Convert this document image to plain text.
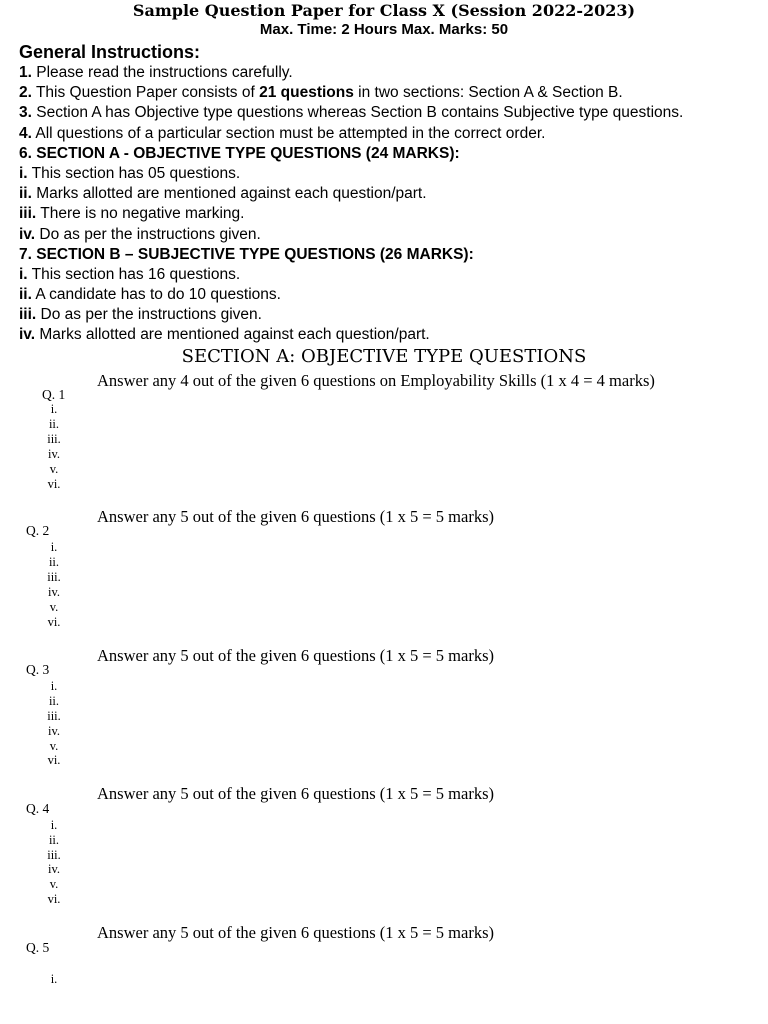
Sample Question Paper for Class X (Session 2022-2023)
Max. Time: 2 Hours Max. Marks: 50
General Instructions:
1. Please read the instructions carefully.
2. This Question Paper consists of 21 questions in two sections: Section A & Section B.
3. Section A has Objective type questions whereas Section B contains Subjective type questions.
4. All questions of a particular section must be attempted in the correct order.
6. SECTION A - OBJECTIVE TYPE QUESTIONS (24 MARKS):
i. This section has 05 questions.
ii. Marks allotted are mentioned against each question/part.
iii. There is no negative marking.
iv. Do as per the instructions given.
7. SECTION B – SUBJECTIVE TYPE QUESTIONS (26 MARKS):
i. This section has 16 questions.
ii. A candidate has to do 10 questions.
iii. Do as per the instructions given.
iv. Marks allotted are mentioned against each question/part.
SECTION A: OBJECTIVE TYPE QUESTIONS
Answer any 4 out of the given 6 questions on Employability Skills (1 x 4 = 4 marks)
Q. 1
i.
ii.
iii.
iv.
v.
vi.
Answer any 5 out of the given 6 questions (1 x 5 = 5 marks)
Q. 2
i.
ii.
iii.
iv.
v.
vi.
Answer any 5 out of the given 6 questions (1 x 5 = 5 marks)
Q. 3
i.
ii.
iii.
iv.
v.
vi.
Answer any 5 out of the given 6 questions (1 x 5 = 5 marks)
Q. 4
i.
ii.
iii.
iv.
v.
vi.
Answer any 5 out of the given 6 questions (1 x 5 = 5 marks)
Q. 5
i.
